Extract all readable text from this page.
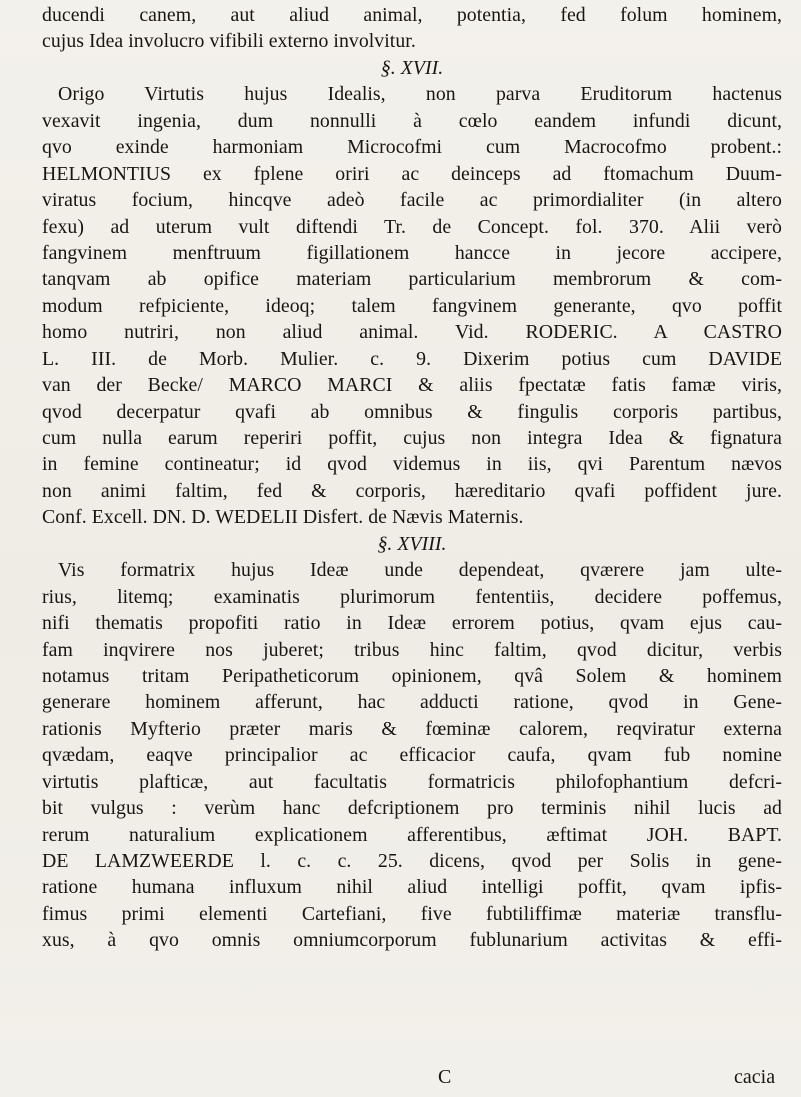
ducendi canem, aut aliud animal, potentia, fed folum hominem,
cujus Idea involucro vifibili externo involvitur.
§. XVII.
Origo Virtutis hujus Idealis, non parva Eruditorum hactenus
vexavit ingenia, dum nonnulli à cœlo eandem infundi dicunt,
qvo exinde harmoniam Microcofmi cum Macrocofmo probent.:
HELMONTIUS ex fplene oriri ac deinceps ad ftomachum Duum-
viratus focium, hincqve adeò facile ac primordialiter (in altero
fexu) ad uterum vult diftendi Tr. de Concept. fol. 370. Alii verò
fangvinem menftruum figillationem hancce in jecore accipere,
tanqvam ab opifice materiam particularium membrorum & com-
modum refpiciente, ideoq; talem fangvinem generante, qvo poffit
homo nutriri, non aliud animal. Vid. RODERIC. A CASTRO
L. III. de Morb. Mulier. c. 9. Dixerim potius cum DAVIDE
van der Becke/ MARCO MARCI & aliis fpectatæ fatis famæ viris,
qvod decerpatur qvafi ab omnibus & fingulis corporis partibus,
cum nulla earum reperiri poffit, cujus non integra Idea & fignatura
in femine contineatur; id qvod videmus in iis, qvi Parentum nævos
non animi faltim, fed & corporis, hæreditario qvafi poffident jure.
Conf. Excell. DN. D. WEDELII Disfert. de Nævis Maternis.
§. XVIII.
Vis formatrix hujus Ideæ unde dependeat, qværere jam ulte-
rius, litemq; examinatis plurimorum fententiis, decidere poffemus,
nifi thematis propofiti ratio in Ideæ errorem potius, qvam ejus cau-
fam inqvirere nos juberet; tribus hinc faltim, qvod dicitur, verbis
notamus tritam Peripatheticorum opinionem, qvâ Solem & hominem
generare hominem afferunt, hac adducti ratione, qvod in Gene-
rationis Myfterio præter maris & fœminæ calorem, reqviratur externa
qvædam, eaqve principalior ac efficacior caufa, qvam fub nomine
virtutis plafticæ, aut facultatis formatricis philofophantium defcri-
bit vulgus : verùm hanc defcriptionem pro terminis nihil lucis ad
rerum naturalium explicationem afferentibus, æftimat JOH. BAPT.
DE LAMZWEERDE l. c. c. 25. dicens, qvod per Solis in gene-
ratione humana influxum nihil aliud intelligi poffit, qvam ipfis-
fimus primi elementi Cartefiani, five fubtiliffimæ materiæ transflu-
xus, à qvo omnis omniumcorporum fublunarium activitas & effi-
C	cacia
